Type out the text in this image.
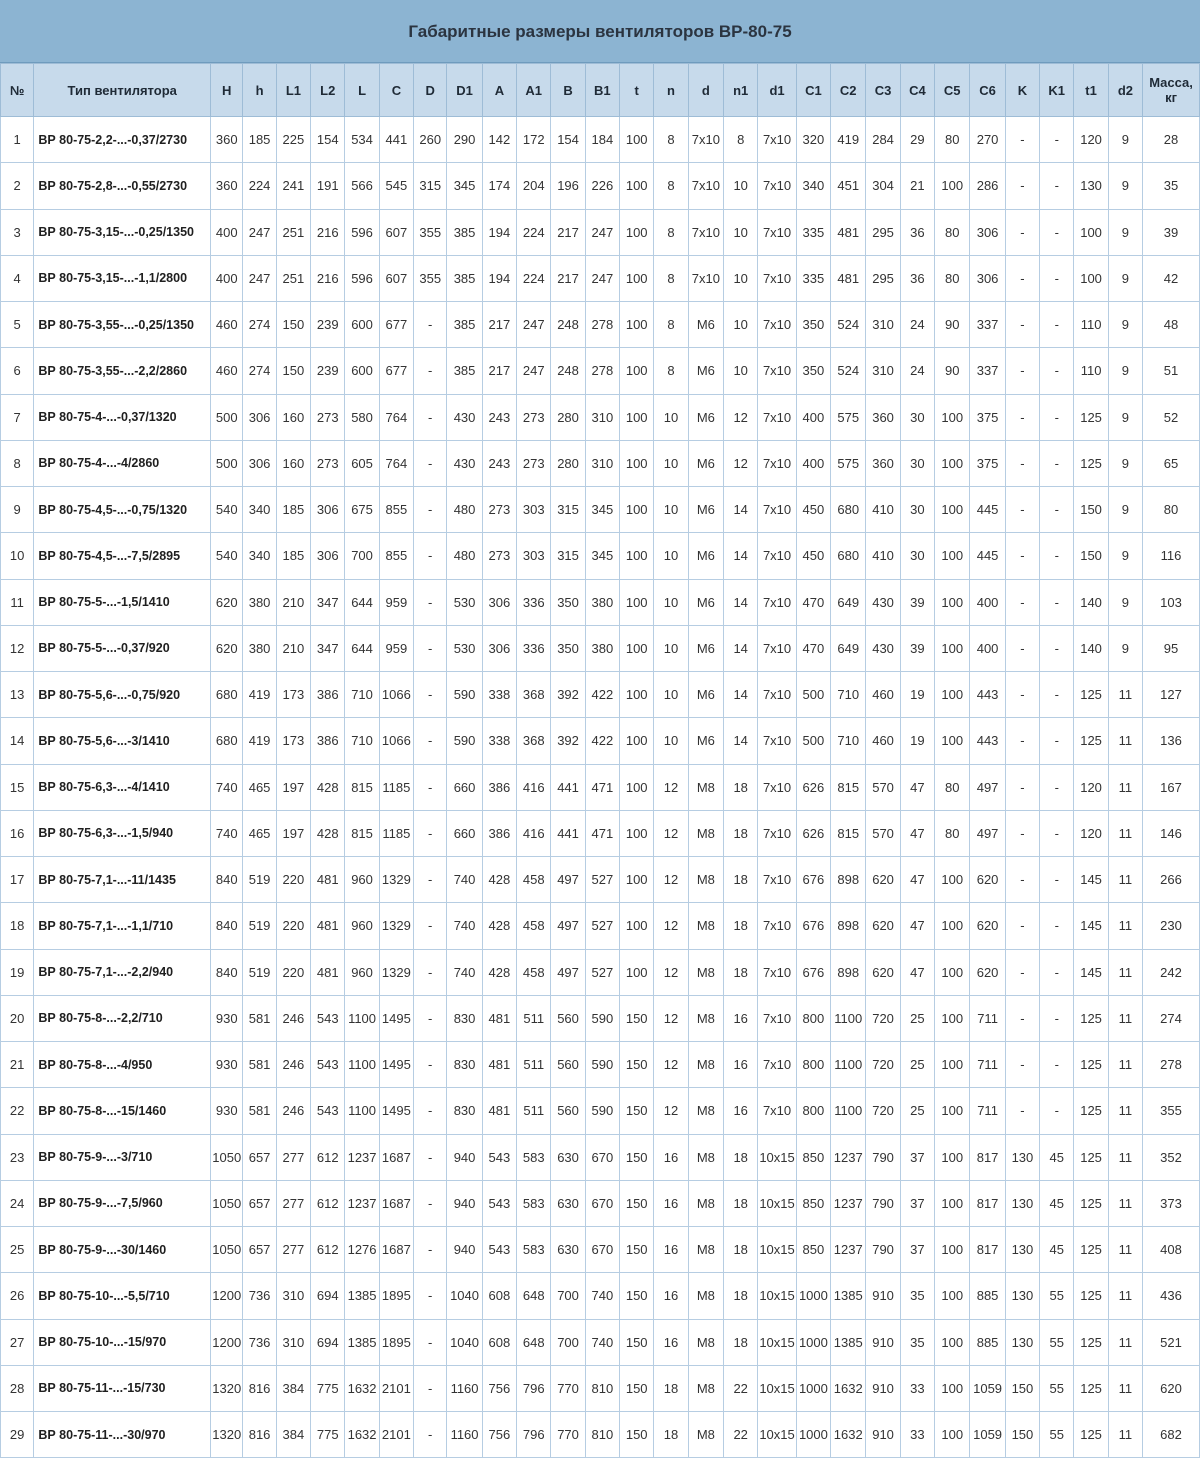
Габаритные размеры вентиляторов ВР-80-75
№	Тип вентилятора	H	h	L1	L2	L	C	D	D1	A	A1	B	B1	t	n	d	n1	d1	C1	C2	C3	C4	C5	C6	K	K1	t1	d2	Масса, кг
1	ВР 80-75-2,2-...-0,37/2730	360	185	225	154	534	441	260	290	142	172	154	184	100	8	7х10	8	7х10	320	419	284	29	80	270	-	-	120	9	28
2	ВР 80-75-2,8-...-0,55/2730	360	224	241	191	566	545	315	345	174	204	196	226	100	8	7х10	10	7х10	340	451	304	21	100	286	-	-	130	9	35
3	ВР 80-75-3,15-...-0,25/1350	400	247	251	216	596	607	355	385	194	224	217	247	100	8	7х10	10	7х10	335	481	295	36	80	306	-	-	100	9	39
4	ВР 80-75-3,15-...-1,1/2800	400	247	251	216	596	607	355	385	194	224	217	247	100	8	7х10	10	7х10	335	481	295	36	80	306	-	-	100	9	42
5	ВР 80-75-3,55-...-0,25/1350	460	274	150	239	600	677	-	385	217	247	248	278	100	8	М6	10	7х10	350	524	310	24	90	337	-	-	110	9	48
6	ВР 80-75-3,55-...-2,2/2860	460	274	150	239	600	677	-	385	217	247	248	278	100	8	М6	10	7х10	350	524	310	24	90	337	-	-	110	9	51
7	ВР 80-75-4-...-0,37/1320	500	306	160	273	580	764	-	430	243	273	280	310	100	10	М6	12	7х10	400	575	360	30	100	375	-	-	125	9	52
8	ВР 80-75-4-...-4/2860	500	306	160	273	605	764	-	430	243	273	280	310	100	10	М6	12	7х10	400	575	360	30	100	375	-	-	125	9	65
9	ВР 80-75-4,5-...-0,75/1320	540	340	185	306	675	855	-	480	273	303	315	345	100	10	М6	14	7х10	450	680	410	30	100	445	-	-	150	9	80
10	ВР 80-75-4,5-...-7,5/2895	540	340	185	306	700	855	-	480	273	303	315	345	100	10	М6	14	7х10	450	680	410	30	100	445	-	-	150	9	116
11	ВР 80-75-5-...-1,5/1410	620	380	210	347	644	959	-	530	306	336	350	380	100	10	М6	14	7х10	470	649	430	39	100	400	-	-	140	9	103
12	ВР 80-75-5-...-0,37/920	620	380	210	347	644	959	-	530	306	336	350	380	100	10	М6	14	7х10	470	649	430	39	100	400	-	-	140	9	95
13	ВР 80-75-5,6-...-0,75/920	680	419	173	386	710	1066	-	590	338	368	392	422	100	10	М6	14	7х10	500	710	460	19	100	443	-	-	125	11	127
14	ВР 80-75-5,6-...-3/1410	680	419	173	386	710	1066	-	590	338	368	392	422	100	10	М6	14	7х10	500	710	460	19	100	443	-	-	125	11	136
15	ВР 80-75-6,3-...-4/1410	740	465	197	428	815	1185	-	660	386	416	441	471	100	12	М8	18	7х10	626	815	570	47	80	497	-	-	120	11	167
16	ВР 80-75-6,3-...-1,5/940	740	465	197	428	815	1185	-	660	386	416	441	471	100	12	М8	18	7х10	626	815	570	47	80	497	-	-	120	11	146
17	ВР 80-75-7,1-...-11/1435	840	519	220	481	960	1329	-	740	428	458	497	527	100	12	М8	18	7х10	676	898	620	47	100	620	-	-	145	11	266
18	ВР 80-75-7,1-...-1,1/710	840	519	220	481	960	1329	-	740	428	458	497	527	100	12	М8	18	7х10	676	898	620	47	100	620	-	-	145	11	230
19	ВР 80-75-7,1-...-2,2/940	840	519	220	481	960	1329	-	740	428	458	497	527	100	12	М8	18	7х10	676	898	620	47	100	620	-	-	145	11	242
20	ВР 80-75-8-...-2,2/710	930	581	246	543	1100	1495	-	830	481	511	560	590	150	12	М8	16	7х10	800	1100	720	25	100	711	-	-	125	11	274
21	ВР 80-75-8-...-4/950	930	581	246	543	1100	1495	-	830	481	511	560	590	150	12	М8	16	7х10	800	1100	720	25	100	711	-	-	125	11	278
22	ВР 80-75-8-...-15/1460	930	581	246	543	1100	1495	-	830	481	511	560	590	150	12	М8	16	7х10	800	1100	720	25	100	711	-	-	125	11	355
23	ВР 80-75-9-...-3/710	1050	657	277	612	1237	1687	-	940	543	583	630	670	150	16	М8	18	10х15	850	1237	790	37	100	817	130	45	125	11	352
24	ВР 80-75-9-...-7,5/960	1050	657	277	612	1237	1687	-	940	543	583	630	670	150	16	М8	18	10х15	850	1237	790	37	100	817	130	45	125	11	373
25	ВР 80-75-9-...-30/1460	1050	657	277	612	1276	1687	-	940	543	583	630	670	150	16	М8	18	10х15	850	1237	790	37	100	817	130	45	125	11	408
26	ВР 80-75-10-...-5,5/710	1200	736	310	694	1385	1895	-	1040	608	648	700	740	150	16	М8	18	10х15	1000	1385	910	35	100	885	130	55	125	11	436
27	ВР 80-75-10-...-15/970	1200	736	310	694	1385	1895	-	1040	608	648	700	740	150	16	М8	18	10х15	1000	1385	910	35	100	885	130	55	125	11	521
28	ВР 80-75-11-...-15/730	1320	816	384	775	1632	2101	-	1160	756	796	770	810	150	18	М8	22	10х15	1000	1632	910	33	100	1059	150	55	125	11	620
29	ВР 80-75-11-...-30/970	1320	816	384	775	1632	2101	-	1160	756	796	770	810	150	18	М8	22	10х15	1000	1632	910	33	100	1059	150	55	125	11	682
